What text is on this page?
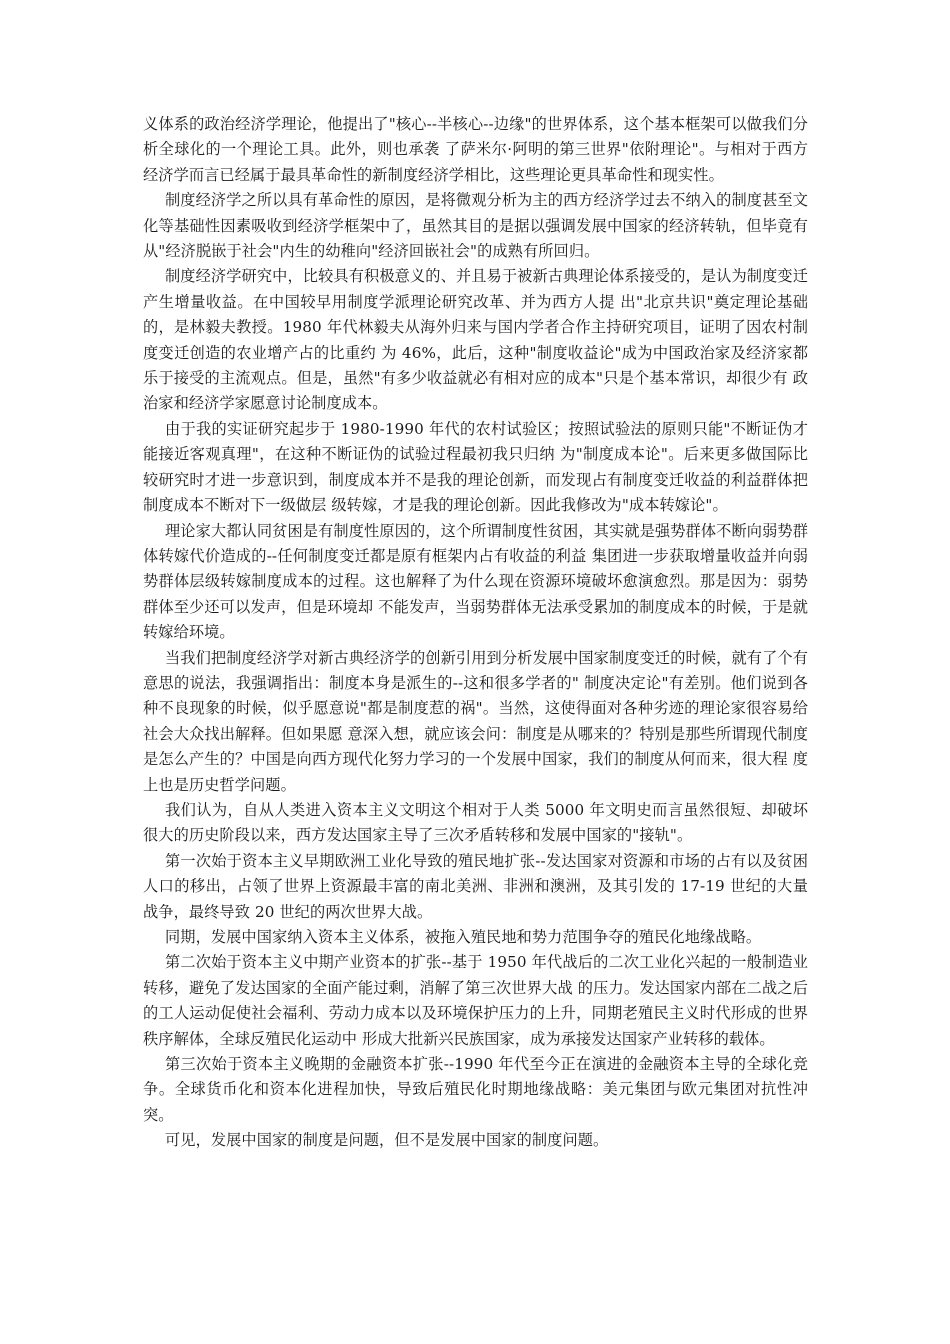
义体系的政治经济学理论，他提出了"核心--半核心--边缘"的世界体系，这个基本框架可以做我们分析全球化的一个理论工具。此外，则也承袭 了萨米尔·阿明的第三世界"依附理论"。与相对于西方经济学而言已经属于最具革命性的新制度经济学相比，这些理论更具革命性和现实性。

制度经济学之所以具有革命性的原因，是将微观分析为主的西方经济学过去不纳入的制度甚至文化等基础性因素吸收到经济学框架中了，虽然其目的是据以强调发展中国家的经济转轨，但毕竟有从"经济脱嵌于社会"内生的幼稚向"经济回嵌社会"的成熟有所回归。

制度经济学研究中，比较具有积极意义的、并且易于被新古典理论体系接受的，是认为制度变迁产生增量收益。在中国较早用制度学派理论研究改革、并为西方人提 出"北京共识"奠定理论基础的，是林毅夫教授。1980 年代林毅夫从海外归来与国内学者合作主持研究项目，证明了因农村制度变迁创造的农业增产占的比重约 为 46%，此后，这种"制度收益论"成为中国政治家及经济家都乐于接受的主流观点。但是，虽然"有多少收益就必有相对应的成本"只是个基本常识，却很少有 政治家和经济学家愿意讨论制度成本。

由于我的实证研究起步于 1980-1990 年代的农村试验区；按照试验法的原则只能"不断证伪才能接近客观真理"，在这种不断证伪的试验过程最初我只归纳 为"制度成本论"。后来更多做国际比较研究时才进一步意识到，制度成本并不是我的理论创新，而发现占有制度变迁收益的利益群体把制度成本不断对下一级做层 级转嫁，才是我的理论创新。因此我修改为"成本转嫁论"。

理论家大都认同贫困是有制度性原因的，这个所谓制度性贫困，其实就是强势群体不断向弱势群体转嫁代价造成的--任何制度变迁都是原有框架内占有收益的利益 集团进一步获取增量收益并向弱势群体层级转嫁制度成本的过程。这也解释了为什么现在资源环境破坏愈演愈烈。那是因为：弱势群体至少还可以发声，但是环境却 不能发声，当弱势群体无法承受累加的制度成本的时候，于是就转嫁给环境。

当我们把制度经济学对新古典经济学的创新引用到分析发展中国家制度变迁的时候，就有了个有意思的说法，我强调指出：制度本身是派生的--这和很多学者的" 制度决定论"有差别。他们说到各种不良现象的时候，似乎愿意说"都是制度惹的祸"。当然，这使得面对各种劣迹的理论家很容易给社会大众找出解释。但如果愿 意深入想，就应该会问：制度是从哪来的？特别是那些所谓现代制度是怎么产生的？中国是向西方现代化努力学习的一个发展中国家，我们的制度从何而来，很大程 度上也是历史哲学问题。

我们认为，自从人类进入资本主义文明这个相对于人类 5000 年文明史而言虽然很短、却破坏很大的历史阶段以来，西方发达国家主导了三次矛盾转移和发展中国家的"接轨"。

第一次始于资本主义早期欧洲工业化导致的殖民地扩张--发达国家对资源和市场的占有以及贫困人口的移出，占领了世界上资源最丰富的南北美洲、非洲和澳洲，及其引发的 17-19 世纪的大量战争，最终导致 20 世纪的两次世界大战。

同期，发展中国家纳入资本主义体系，被拖入殖民地和势力范围争夺的殖民化地缘战略。

第二次始于资本主义中期产业资本的扩张--基于 1950 年代战后的二次工业化兴起的一般制造业转移，避免了发达国家的全面产能过剩，消解了第三次世界大战 的压力。发达国家内部在二战之后的工人运动促使社会福利、劳动力成本以及环境保护压力的上升，同期老殖民主义时代形成的世界秩序解体，全球反殖民化运动中 形成大批新兴民族国家，成为承接发达国家产业转移的载体。

第三次始于资本主义晚期的金融资本扩张--1990 年代至今正在演进的金融资本主导的全球化竞争。全球货币化和资本化进程加快，导致后殖民化时期地缘战略：美元集团与欧元集团对抗性冲突。

可见，发展中国家的制度是问题，但不是发展中国家的制度问题。
